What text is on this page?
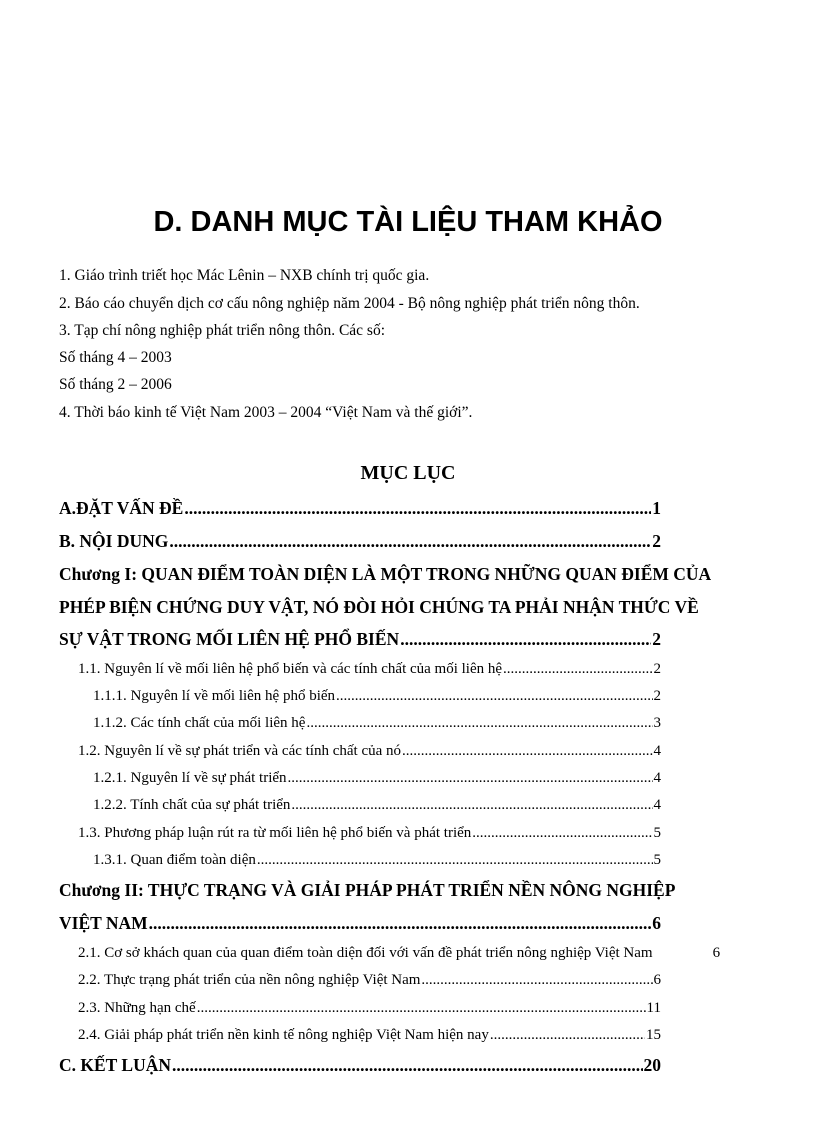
D. DANH MỤC TÀI LIỆU THAM KHẢO
1. Giáo trình triết học Mác Lênin – NXB chính trị quốc gia.
2. Báo cáo chuyển dịch cơ cấu nông nghiệp năm 2004 - Bộ nông nghiệp phát triển nông thôn.
3. Tạp chí nông nghiệp phát triển nông thôn. Các số:
Số tháng 4 – 2003
Số tháng 2 – 2006
4. Thời báo kinh tế Việt Nam 2003 – 2004 “Việt Nam và thế giới”.
MỤC LỤC
A.ĐẶT VẤN ĐỀ .....	1
B. NỘI DUNG .....	2
Chương I: QUAN ĐIỂM TOÀN DIỆN LÀ MỘT TRONG NHỮNG QUAN ĐIỂM CỦA
PHÉP BIỆN CHỨNG DUY VẬT, NÓ ĐÒI HỎI CHÚNG TA PHẢI NHẬN THỨC VỀ
SỰ VẬT TRONG MỐI LIÊN HỆ PHỔ BIẾN .....	2
1.1. Nguyên lí về mối liên hệ phổ biến và các tính chất của mối liên hệ .....	2
1.1.1. Nguyên lí về mối liên hệ phổ biến .....	2
1.1.2. Các tính chất của mối liên hệ .....	3
1.2. Nguyên lí về sự phát triển và các tính chất của nó .....	4
1.2.1. Nguyên lí về sự phát triển .....	4
1.2.2. Tính chất của sự phát triển .....	4
1.3. Phương pháp luận rút ra từ mối liên hệ phổ biến và phát triển .....	5
1.3.1. Quan điểm toàn diện .....	5
Chương II: THỰC TRẠNG VÀ GIẢI PHÁP PHÁT TRIỂN NỀN NÔNG NGHIỆP
VIỆT NAM .....	6
2.1. Cơ sở khách quan của quan điểm toàn diện đối với vấn đề phát triển nông nghiệp Việt Nam	6
2.2. Thực trạng phát triển của nền nông nghiệp Việt Nam .....	6
2.3. Những hạn chế .....	11
2.4. Giải pháp phát triển nền kinh tế nông nghiệp Việt Nam hiện nay .....	15
C. KẾT LUẬN .....	20
